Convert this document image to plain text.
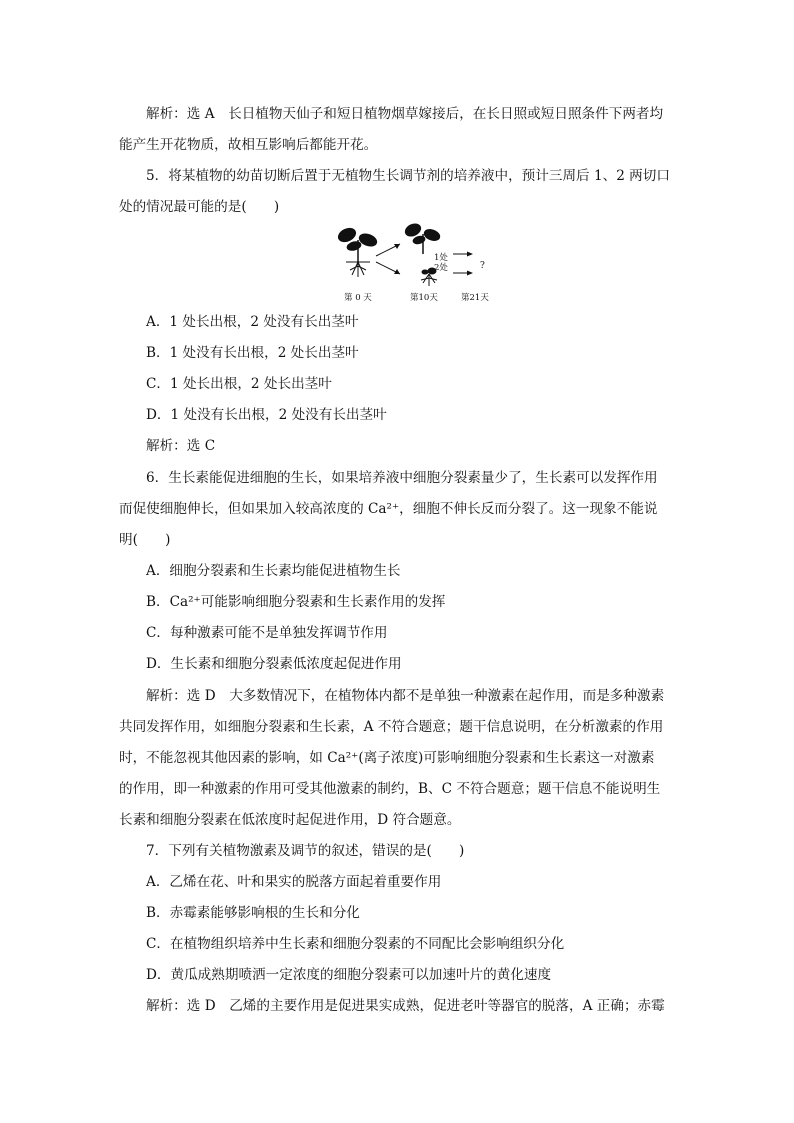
解析：选 A　长日植物天仙子和短日植物烟草嫁接后，在长日照或短日照条件下两者均
能产生开花物质，故相互影响后都能开花。
5．将某植物的幼苗切断后置于无植物生长调节剂的培养液中，预计三周后 1、2 两切口
处的情况最可能的是(　　)
1处
2处	?
第 0 天	第10天	第21天
A．1 处长出根，2 处没有长出茎叶
B．1 处没有长出根，2 处长出茎叶
C．1 处长出根，2 处长出茎叶
D．1 处没有长出根，2 处没有长出茎叶
解析：选 C
6．生长素能促进细胞的生长，如果培养液中细胞分裂素量少了，生长素可以发挥作用
而促使细胞伸长，但如果加入较高浓度的 Ca²⁺，细胞不伸长反而分裂了。这一现象不能说
明(　　)
A．细胞分裂素和生长素均能促进植物生长
B．Ca²⁺可能影响细胞分裂素和生长素作用的发挥
C．每种激素可能不是单独发挥调节作用
D．生长素和细胞分裂素低浓度起促进作用
解析：选 D　大多数情况下，在植物体内都不是单独一种激素在起作用，而是多种激素
共同发挥作用，如细胞分裂素和生长素，A 不符合题意；题干信息说明，在分析激素的作用
时，不能忽视其他因素的影响，如 Ca²⁺(离子浓度)可影响细胞分裂素和生长素这一对激素
的作用，即一种激素的作用可受其他激素的制约，B、C 不符合题意；题干信息不能说明生
长素和细胞分裂素在低浓度时起促进作用，D 符合题意。
7．下列有关植物激素及调节的叙述，错误的是(　　)
A．乙烯在花、叶和果实的脱落方面起着重要作用
B．赤霉素能够影响根的生长和分化
C．在植物组织培养中生长素和细胞分裂素的不同配比会影响组织分化
D．黄瓜成熟期喷洒一定浓度的细胞分裂素可以加速叶片的黄化速度
解析：选 D　乙烯的主要作用是促进果实成熟，促进老叶等器官的脱落，A 正确；赤霉
